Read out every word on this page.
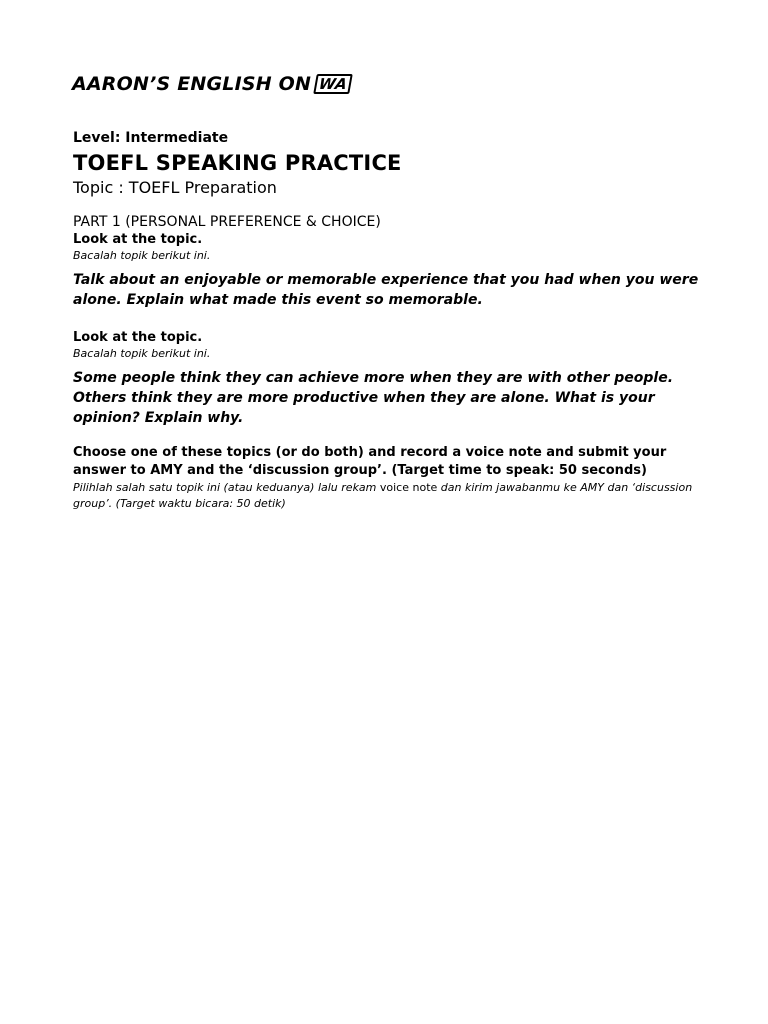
AARON’S ENGLISH ON WA

Level: Intermediate

TOEFL SPEAKING PRACTICE

Topic : TOEFL Preparation

PART 1 (PERSONAL PREFERENCE & CHOICE)

Look at the topic.

Bacalah topik berikut ini.

Talk about an enjoyable or memorable experience that you had when you were alone. Explain what made this event so memorable.

Look at the topic.

Bacalah topik berikut ini.

Some people think they can achieve more when they are with other people. Others think they are more productive when they are alone. What is your opinion? Explain why.

Choose one of these topics (or do both) and record a voice note and submit your answer to AMY and the ‘discussion group’. (Target time to speak: 50 seconds)

Pilihlah salah satu topik ini (atau keduanya) lalu rekam voice note dan kirim jawabanmu ke AMY dan ‘discussion group’. (Target waktu bicara: 50 detik)
